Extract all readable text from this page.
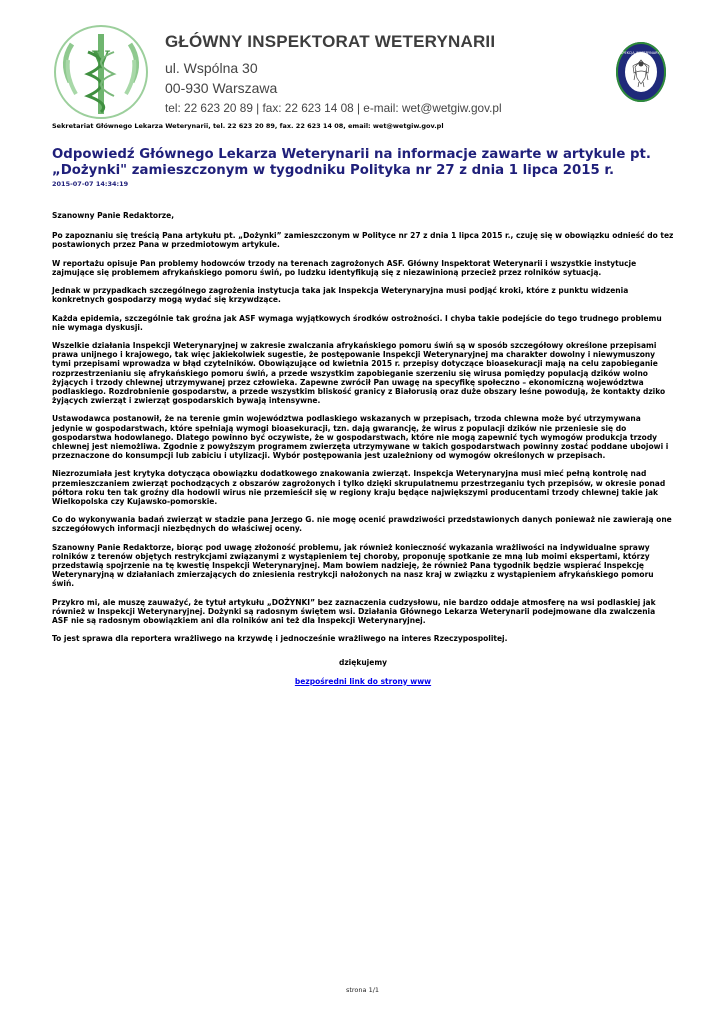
V
GŁÓWNY INSPEKTORAT WETERYNARII
ul. Wspólna 30
00-930 Warszawa
tel: 22 623 20 89 | fax: 22 623 14 08 | e-mail: wet@wetgiw.gov.pl
INSPEKCJA WETERYNARYJNA
Sekretariat Głównego Lekarza Weterynarii, tel. 22 623 20 89, fax. 22 623 14 08, email: wet@wetgiw.gov.pl
Odpowiedź Głównego Lekarza Weterynarii na informacje zawarte w artykule pt. „Dożynki" zamieszczonym w tygodniku Polityka nr 27 z dnia 1 lipca 2015 r.
2015-07-07 14:34:19

Szanowny Panie Redaktorze,

Po zapoznaniu się treścią Pana artykułu pt. „Dożynki” zamieszczonym w Polityce nr 27 z dnia 1 lipca 2015 r., czuję się w obowiązku odnieść do tez postawionych przez Pana w przedmiotowym artykule.

W reportażu opisuje Pan problemy hodowców trzody na terenach zagrożonych ASF. Główny Inspektorat Weterynarii i wszystkie instytucje zajmujące się problemem afrykańskiego pomoru świń, po ludzku identyfikują się z niezawinioną przecież przez rolników sytuacją.

Jednak w przypadkach szczególnego zagrożenia instytucja taka jak Inspekcja Weterynaryjna musi podjąć kroki, które z punktu widzenia konkretnych gospodarzy mogą wydać się krzywdzące.

Każda epidemia, szczególnie tak groźna jak ASF wymaga wyjątkowych środków ostrożności. I chyba takie podejście do tego trudnego problemu nie wymaga dyskusji.

Wszelkie działania Inspekcji Weterynaryjnej w zakresie zwalczania afrykańskiego pomoru świń są w sposób szczegółowy określone przepisami prawa unijnego i krajowego, tak więc jakiekolwiek sugestie, że postępowanie Inspekcji Weterynaryjnej ma charakter dowolny i niewymuszony tymi przepisami wprowadza w błąd czytelników. Obowiązujące od kwietnia 2015 r. przepisy dotyczące bioasekuracji mają na celu zapobieganie rozprzestrzenianiu się afrykańskiego pomoru świń, a przede wszystkim zapobieganie szerzeniu się wirusa pomiędzy populacją dzików wolno żyjących i trzody chlewnej utrzymywanej przez człowieka. Zapewne zwrócił Pan uwagę na specyfikę społeczno – ekonomiczną województwa podlaskiego. Rozdrobnienie gospodarstw, a przede wszystkim bliskość granicy z Białorusią oraz duże obszary leśne powodują, że kontakty dziko żyjących zwierząt i zwierząt gospodarskich bywają intensywne.

Ustawodawca postanowił, że na terenie gmin województwa podlaskiego wskazanych w przepisach, trzoda chlewna może być utrzymywana jedynie w gospodarstwach, które spełniają wymogi bioasekuracji, tzn. dają gwarancję, że wirus z populacji dzików nie przeniesie się do gospodarstwa hodowlanego. Dlatego powinno być oczywiste, że w gospodarstwach, które nie mogą zapewnić tych wymogów produkcja trzody chlewnej jest niemożliwa. Zgodnie z powyższym programem zwierzęta utrzymywane w takich gospodarstwach powinny zostać poddane ubojowi i przeznaczone do konsumpcji lub zabiciu i utylizacji. Wybór postępowania jest uzależniony od wymogów określonych w przepisach.

Niezrozumiała jest krytyka dotycząca obowiązku dodatkowego znakowania zwierząt. Inspekcja Weterynaryjna musi mieć pełną kontrolę nad przemieszczaniem zwierząt pochodzących z obszarów zagrożonych i tylko dzięki skrupulatnemu przestrzeganiu tych przepisów, w okresie ponad półtora roku ten tak groźny dla hodowli wirus nie przemieścił się w regiony kraju będące największymi producentami trzody chlewnej takie jak Wielkopolska czy Kujawsko-pomorskie.

Co do wykonywania badań zwierząt w stadzie pana Jerzego G. nie mogę ocenić prawdziwości przedstawionych danych ponieważ nie zawierają one szczegółowych informacji niezbędnych do właściwej oceny.

Szanowny Panie Redaktorze, biorąc pod uwagę złożoność problemu, jak również konieczność wykazania wrażliwości na indywidualne sprawy rolników z terenów objętych restrykcjami związanymi z wystąpieniem tej choroby, proponuję spotkanie ze mną lub moimi ekspertami, którzy przedstawią spojrzenie na tę kwestię Inspekcji Weterynaryjnej. Mam bowiem nadzieję, że również Pana tygodnik będzie wspierać Inspekcję Weterynaryjną w działaniach zmierzających do zniesienia restrykcji nałożonych na nasz kraj w związku z wystąpieniem afrykańskiego pomoru świń.

Przykro mi, ale muszę zauważyć, że tytuł artykułu „DOŻYNKI” bez zaznaczenia cudzysłowu, nie bardzo oddaje atmosferę na wsi podlaskiej jak również w Inspekcji Weterynaryjnej. Dożynki są radosnym świętem wsi. Działania Głównego Lekarza Weterynarii podejmowane dla zwalczenia ASF nie są radosnym obowiązkiem ani dla rolników ani też dla Inspekcji Weterynaryjnej.

To jest sprawa dla reportera wrażliwego na krzywdę i jednocześnie wrażliwego na interes Rzeczypospolitej.

dziękujemy

bezpośredni link do strony www
strona 1/1
